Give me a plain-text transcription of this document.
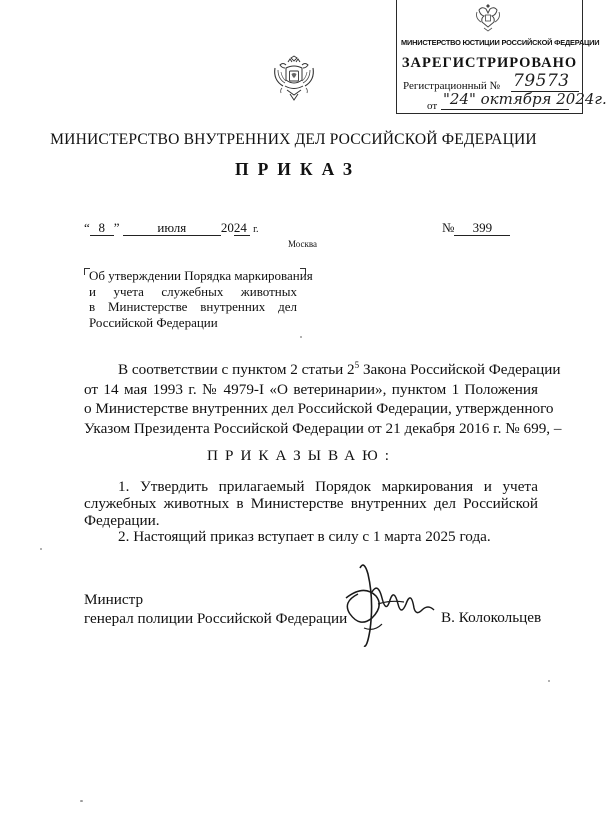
МИНИСТЕРСТВО ЮСТИЦИИ РОССИЙСКОЙ ФЕДЕРАЦИИ
ЗАРЕГИСТРИРОВАНО
Регистрационный № 79573
от "24" октября 2024г.
МИНИСТЕРСТВО ВНУТРЕННИХ ДЕЛ РОССИЙСКОЙ ФЕДЕРАЦИИ
ПРИКАЗ
“ 8 ”	июля	2024 г.	№ 399
Москва
Об утверждении Порядка маркирования
и учета служебных животных
в Министерстве внутренних дел
Российской Федерации
В соответствии с пунктом 2 статьи $2^5$ Закона Российской Федерации
от 14 мая 1993 г. № 4979-I «О ветеринарии», пунктом 1 Положения
о Министерстве внутренних дел Российской Федерации, утвержденного
Указом Президента Российской Федерации от 21 декабря 2016 г. № 699, –
ПРИКАЗЫВАЮ:
1. Утвердить прилагаемый Порядок маркирования и учета
служебных животных в Министерстве внутренних дел Российской
Федерации.
2. Настоящий приказ вступает в силу с 1 марта 2025 года.
Министр
генерал полиции Российской Федерации	В. Колокольцев
